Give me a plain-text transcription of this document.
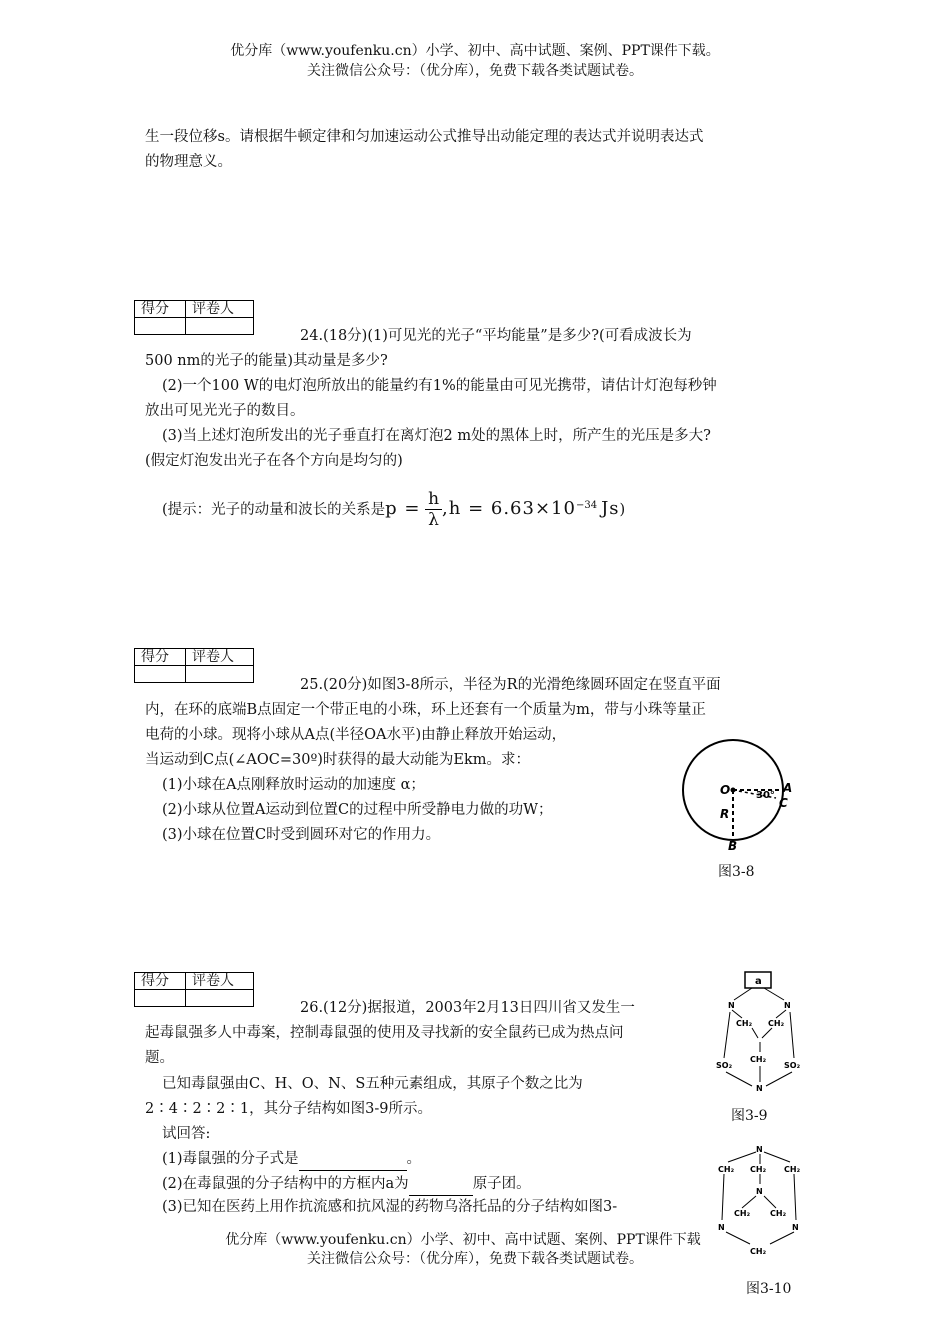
优分库（www.youfenku.cn）小学、初中、高中试题、案例、PPT课件下载。
关注微信公众号：（优分库），免费下载各类试题试卷。
生一段位移s。请根据牛顿定律和匀加速运动公式推导出动能定理的表达式并说明表达式
的物理意义。
得分	评卷人

24.(18分)(1)可见光的光子“平均能量”是多少?(可看成波长为
500 nm的光子的能量)其动量是多少?
(2)一个100 W的电灯泡所放出的能量约有1%的能量由可见光携带，请估计灯泡每秒钟
放出可见光光子的数目。
(3)当上述灯泡所发出的光子垂直打在离灯泡2 m处的黑体上时，所产生的光压是多大?
(假定灯泡发出光子在各个方向是均匀的)
(提示：光子的动量和波长的关系是$p = \frac{h}{\lambda} ,h = 6.63\times 10^{-34}$ Js)
得分	评卷人

25.(20分)如图3-8所示，半径为R的光滑绝缘圆环固定在竖直平面
内，在环的底端B点固定一个带正电的小珠，环上还套有一个质量为m，带与小珠等量正
电荷的小球。现将小球从A点(半径OA水平)由静止释放开始运动，
当运动到C点(∠AOC=30º)时获得的最大动能为Ekm。求：
(1)小球在A点刚释放时运动的加速度 α；
(2)小球从位置A运动到位置C的过程中所受静电力做的功W；
(3)小球在位置C时受到圆环对它的作用力。
O	A
C
30°
R
B
图3-8
得分	评卷人

26.(12分)据报道，2003年2月13日四川省又发生一
起毒鼠强多人中毒案，控制毒鼠强的使用及寻找新的安全鼠药已成为热点问
题。
已知毒鼠强由C、H、O、N、S五种元素组成，其原子个数之比为
2∶4∶2∶2∶1，其分子结构如图3-9所示。
试回答:
(1)毒鼠强的分子式是	。
(2)在毒鼠强的分子结构中的方框内a为	原子团。
(3)已知在医药上用作抗流感和抗风湿的药物乌洛托品的分子结构如图3-
a
N	N
CH₂ CH₂
CH₂
SO₂	SO₂
N
图3-9
N
CH₂ CH₂ CH₂
N
CH₂ CH₂
N	N
CH₂
图3-10
优分库（www.youfenku.cn）小学、初中、高中试题、案例、PPT课件下载
关注微信公众号：（优分库），免费下载各类试题试卷。
